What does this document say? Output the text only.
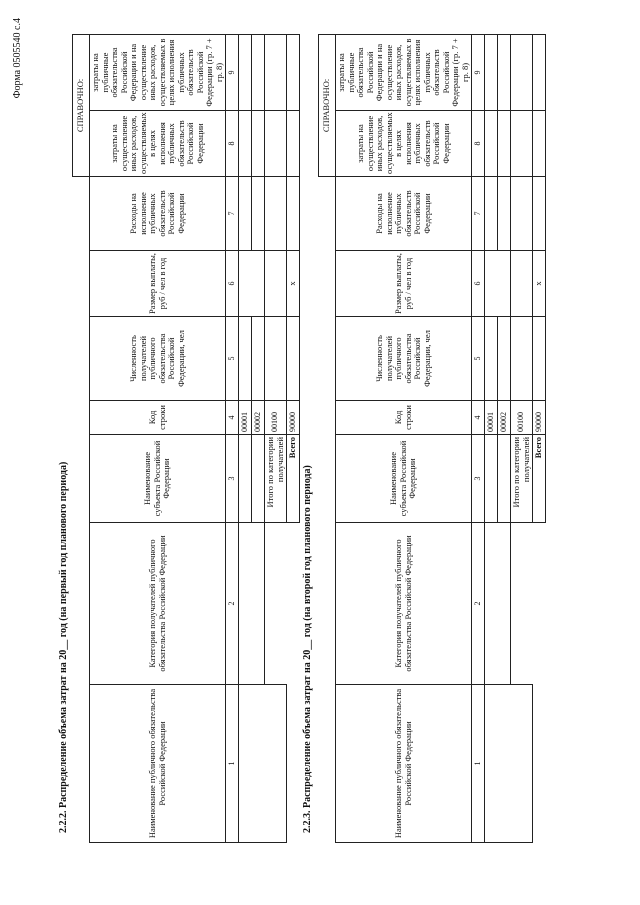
Форма 0505540 с.4
2.2.2. Распределение объема затрат на 20__ год (на первый год планового периода)
							СПРАВОЧНО:	
Наименование публичного обязательства Российской Федерации	Категория получателей публичного обязательства Российской Федерации	Наименование субъекта Российской Федерации	Код строки	Численность получателей публичного обязательства Российской Федерации, чел	Размер выплаты, руб / чел в год	Расходы на исполнение публичных обязательств Российской Федерации	затраты на осуществление иных расходов, осуществляемых в целях исполнения публичных обязательств Российской Федерации	затраты на публичные обязательства Российской Федерации и на осуществление иных расходов, осуществляемых в целях исполнения публичных обязательств Российской Федерации (гр. 7 + гр. 8)
1	2	3	4	5	6	7	8	9
			00001					
			00002					
		Итого по категории получателей	00100					
		Всего	90000		x			
2.2.3. Распределение объема затрат на 20__ год (на второй год планового периода)
							СПРАВОЧНО:	
Наименование публичного обязательства Российской Федерации	Категория получателей публичного обязательства Российской Федерации	Наименование субъекта Российской Федерации	Код строки	Численность получателей публичного обязательства Российской Федерации, чел	Размер выплаты, руб / чел в год	Расходы на исполнение публичных обязательств Российской Федерации	затраты на осуществление иных расходов, осуществляемых в целях исполнения публичных обязательств Российской Федерации	затраты на публичные обязательства Российской Федерации и на осуществление иных расходов, осуществляемых в целях исполнения публичных обязательств Российской Федерации (гр. 7 + гр. 8)
1	2	3	4	5	6	7	8	9
			00001					
			00002					
		Итого по категории получателей	00100					
		Всего	90000		x			
